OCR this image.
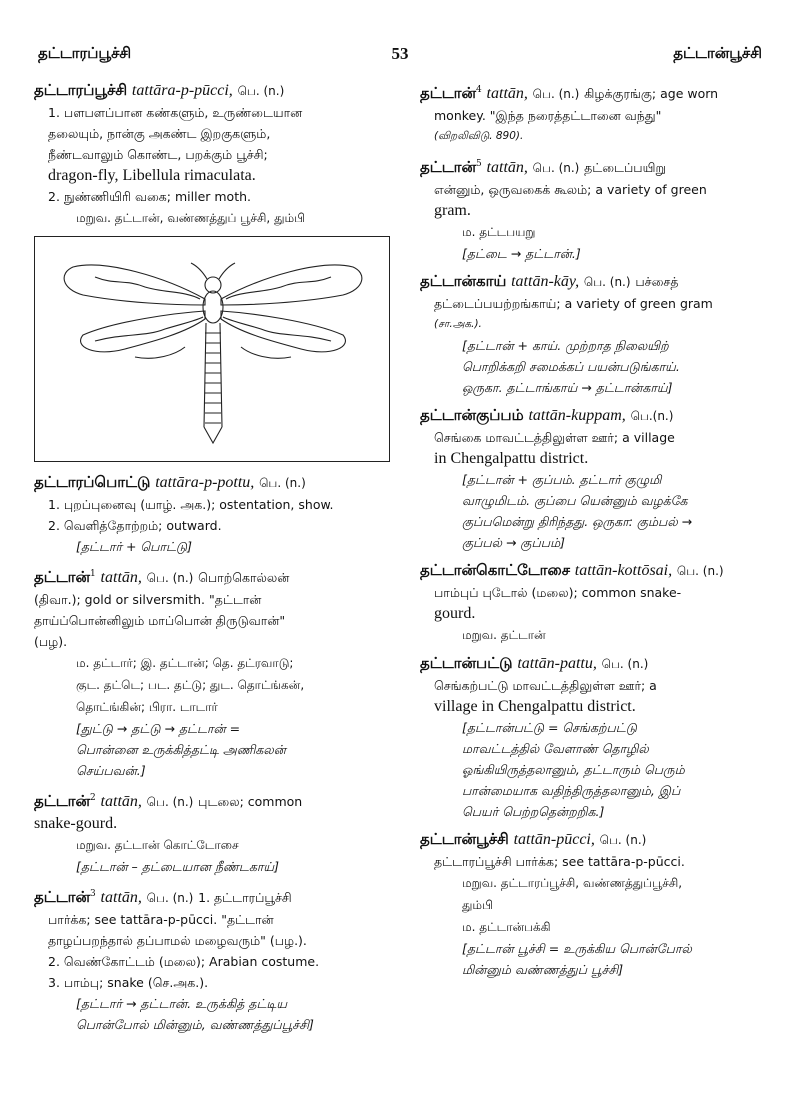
தட்டாரப்பூச்சி	53	தட்டான்பூச்சி
தட்டாரப்பூச்சி tattāra-p-pūcci, பெ. (n.)
1. பளபளப்பான கண்களும், உருண்டையான
தலையும், நான்கு அகண்ட இறகுகளும்,
நீண்டவாலும் கொண்ட, பறக்கும் பூச்சி;
dragon-fly, Libellula rimaculata.
2. நுண்ணியிரி வகை; miller moth.
மறுவ. தட்டான், வண்ணத்துப் பூச்சி, தும்பி
தட்டாரப்பொட்டு tattāra-p-pottu, பெ. (n.)
1. புறப்புனைவு (யாழ். அக.); ostentation, show.
2. வெளித்தோற்றம்; outward.
[தட்டார் + பொட்டு]
தட்டான்$^1$ tattān, பெ. (n.) பொற்கொல்லன்
(திவா.); gold or silversmith. "தட்டான்
தாய்ப்பொன்னிலும் மாப்பொன் திருடுவான்"
(பழ).
ம. தட்டார்; இ. தட்டான்; தெ. தட்ரவாடு;
குட. தட்டெ; பட. தட்டு; துட. தொட்ங்கன்,
தொட்ங்கின்; பிரா. டாடார்
[துட்டு → தட்டு → தட்டான் =
பொன்னை உருக்கித்தட்டி அணிகலன்
செய்பவன்.]
தட்டான்$^2$ tattān, பெ. (n.) புடலை; common
snake-gourd.
மறுவ. தட்டான் கொட்டோசை
[தட்டான் – தட்டையான நீண்டகாய்]
தட்டான்$^3$ tattān, பெ. (n.) 1. தட்டாரப்பூச்சி
பார்க்க; see tattāra-p-pūcci. "தட்டான்
தாழப்பறந்தால் தப்பாமல் மழைவரும்" (பழ.).
2. வெண்கோட்டம் (மலை); Arabian costume.
3. பாம்பு; snake (செ.அக.).
[தட்டார் → தட்டான். உருக்கித் தட்டிய
பொன்போல் மின்னும், வண்ணத்துப்பூச்சி]
தட்டான்$^4$ tattān, பெ. (n.) கிழக்குரங்கு; age worn
monkey. "இந்த நரைத்தட்டானை வந்து"
(விறலிவிடு. 890).
தட்டான்$^5$ tattān, பெ. (n.) தட்டைப்பயிறு
என்னும், ஒருவகைக் கூலம்; a variety of green
gram.
ம. தட்டபயறு
[தட்டை → தட்டான்.]
தட்டான்காய் tattān-kāy, பெ. (n.) பச்சைத்
தட்டைப்பயற்றங்காய்; a variety of green gram
(சா.அக.).
[தட்டான் + காய். முற்றாத நிலையிற்
பொறிக்கறி சமைக்கப் பயன்படுங்காய்.
ஒருகா. தட்டாங்காய் → தட்டான்காய்]
தட்டான்குப்பம் tattān-kuppam, பெ.(n.)
செங்கை மாவட்டத்திலுள்ள ஊர்; a village
in Chengalpattu district.
[தட்டான் + குப்பம். தட்டார் குழுமி
வாழுமிடம். குப்பை யென்னும் வழக்கே
குப்பமென்று திரிந்தது. ஒருகா: கும்பல் →
குப்பல் → குப்பம்]
தட்டான்கொட்டோசை tattān-kottōsai, பெ. (n.)
பாம்புப் புடோல் (மலை); common snake-
gourd.
மறுவ. தட்டான்
தட்டான்பட்டு tattān-pattu, பெ. (n.)
செங்கற்பட்டு மாவட்டத்திலுள்ள ஊர்; a
village in Chengalpattu district.
[தட்டான்பட்டு = செங்கற்பட்டு
மாவட்டத்தில் வேளாண் தொழில்
ஓங்கியிருத்தலானும், தட்டாரும் பெரும்
பான்மையாக வதிந்திருத்தலானும், இப்
பெயர் பெற்றதென்றறிக.]
தட்டான்பூச்சி tattān-pūcci, பெ. (n.)
தட்டாரப்பூச்சி பார்க்க; see tattāra-p-pūcci.
மறுவ. தட்டாரப்பூச்சி, வண்ணத்துப்பூச்சி,
தும்பி
ம. தட்டான்பக்கி
[தட்டான் பூச்சி = உருக்கிய பொன்போல்
மின்னும் வண்ணத்துப் பூச்சி]
